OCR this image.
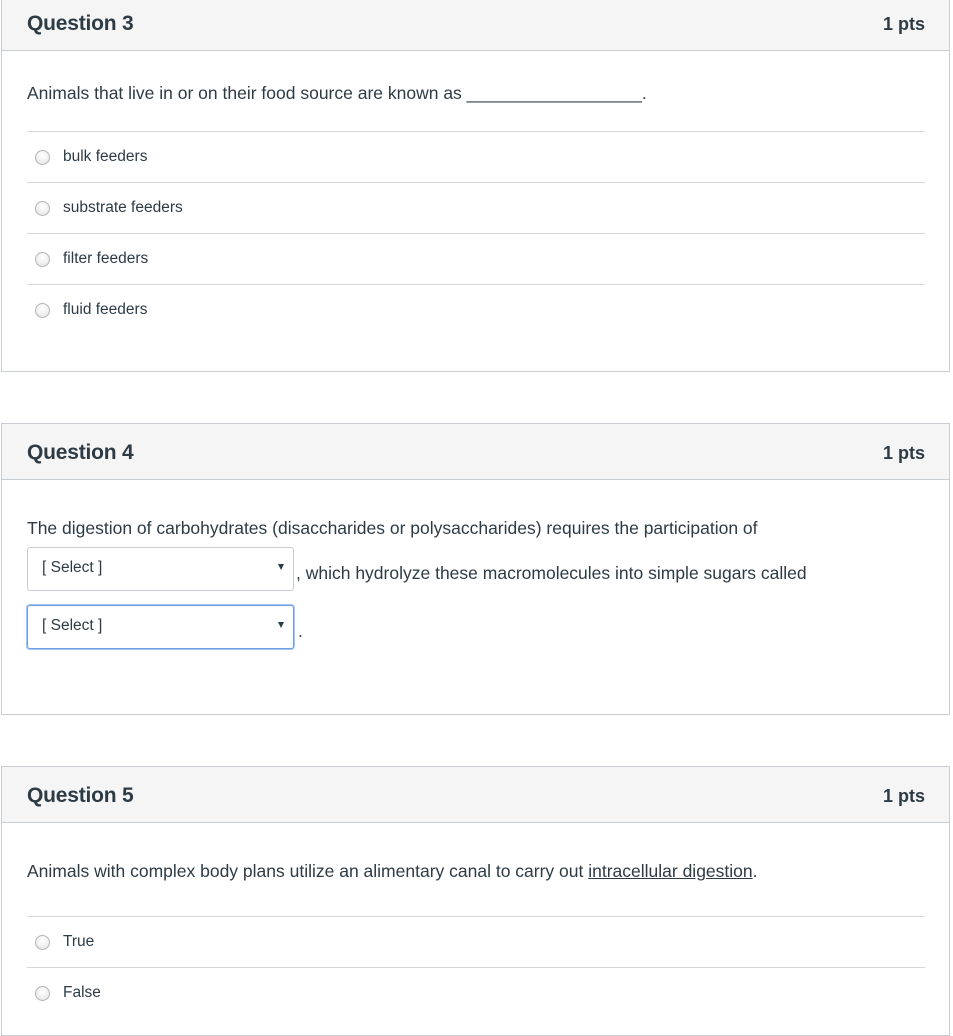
Question 3	1 pts
Animals that live in or on their food source are known as __________________.
bulk feeders
substrate feeders
filter feeders
fluid feeders
Question 4	1 pts
The digestion of carbohydrates (disaccharides or polysaccharides) requires the participation of
[ Select ]	, which hydrolyze these macromolecules into simple sugars called
[ Select ]	.
Question 5	1 pts
Animals with complex body plans utilize an alimentary canal to carry out intracellular digestion.
True
False
